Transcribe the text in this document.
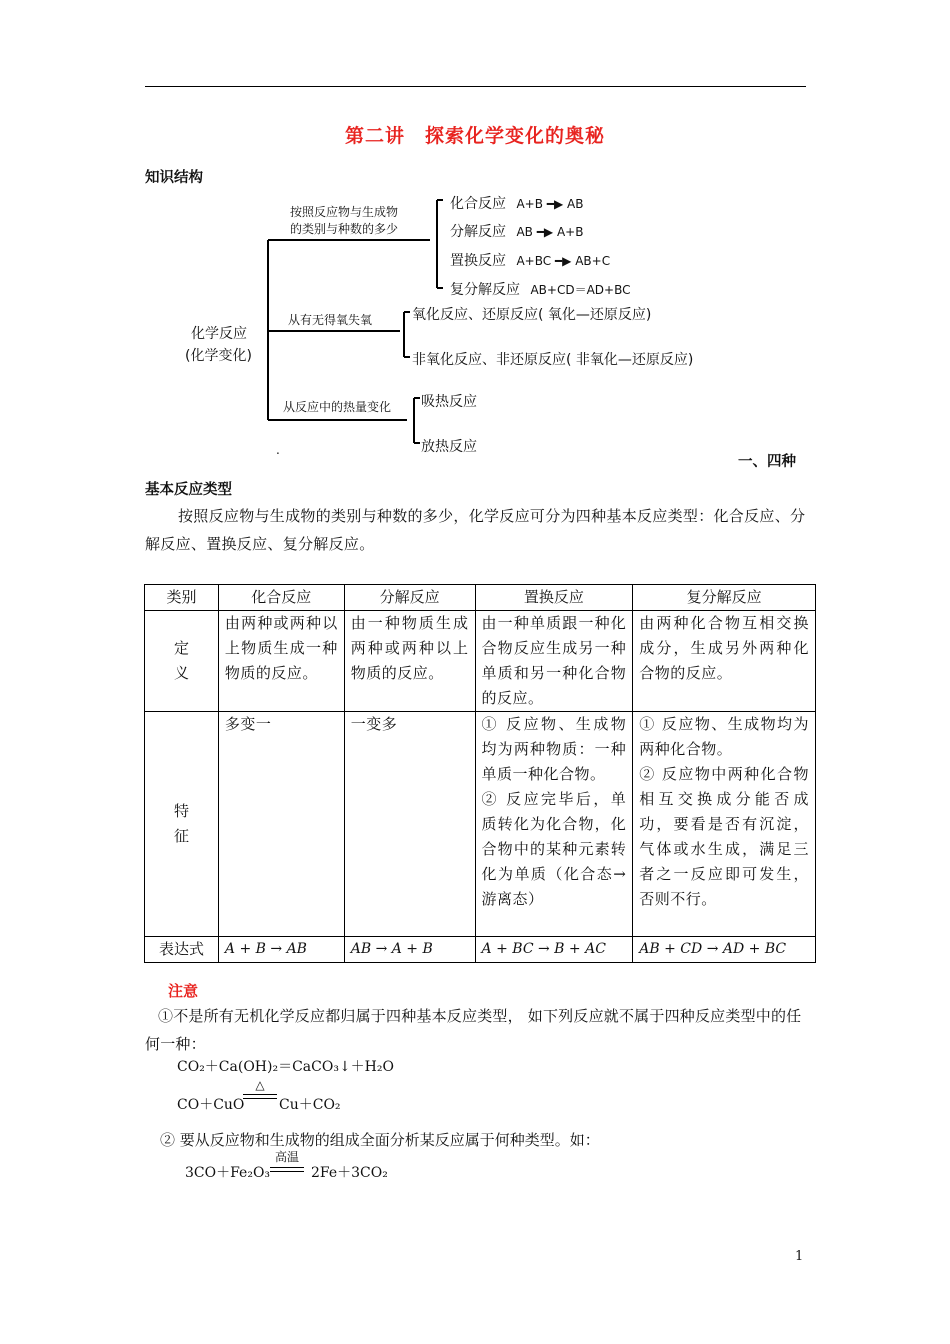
第二讲　探索化学变化的奥秘
知识结构
化学反应
(化学变化)
按照反应物与生成物
的类别与种数的多少
化合反应 A+B ━▶ AB
分解反应 AB ━▶ A+B
置换反应 A+BC ━▶ AB+C
复分解反应 AB+CD＝AD+BC
从有无得氧失氧	氧化反应、还原反应( 氧化—还原反应)
非氧化反应、非还原反应( 非氧化—还原反应)
从反应中的热量变化 吸热反应
放热反应
.
一、四种
基本反应类型
按照反应物与生成物的类别与种数的多少，化学反应可分为四种基本反应类型：化合反应、分解反应、置换反应、复分解反应。
类别	化合反应	分解反应	置换反应	复分解反应

定义	由两种或两种以上物质生成一种物质的反应。	由一种物质生成两种或两种以上物质的反应。	由一种单质跟一种化合物反应生成另一种单质和另一种化合物的反应。	由两种化合物互相交换成分，生成另外两种化合物的反应。

特征	多变一	一变多	① 反应物、生成物均为两种物质：一种单质一种化合物。
② 反应完毕后，单质转化为化合物，化合物中的某种元素转化为单质（化合态→游离态）	① 反应物、生成物均为两种化合物。
② 反应物中两种化合物相互交换成分能否成功，要看是否有沉淀，气体或水生成，满足三者之一反应即可发生，否则不行。
表达式	A + B → AB	AB → A + B	A + BC → B + AC	AB + CD → AD + BC
注意
①不是所有无机化学反应都归属于四种基本反应类型， 如下列反应就不属于四种反应类型中的任何一种：
CO₂＋Ca(OH)₂＝CaCO₃↓＋H₂O
CO＋CuO
△
Cu＋CO₂
② 要从反应物和生成物的组成全面分析某反应属于何种类型。如：
3CO＋Fe₂O₃
高温
2Fe＋3CO₂
1
